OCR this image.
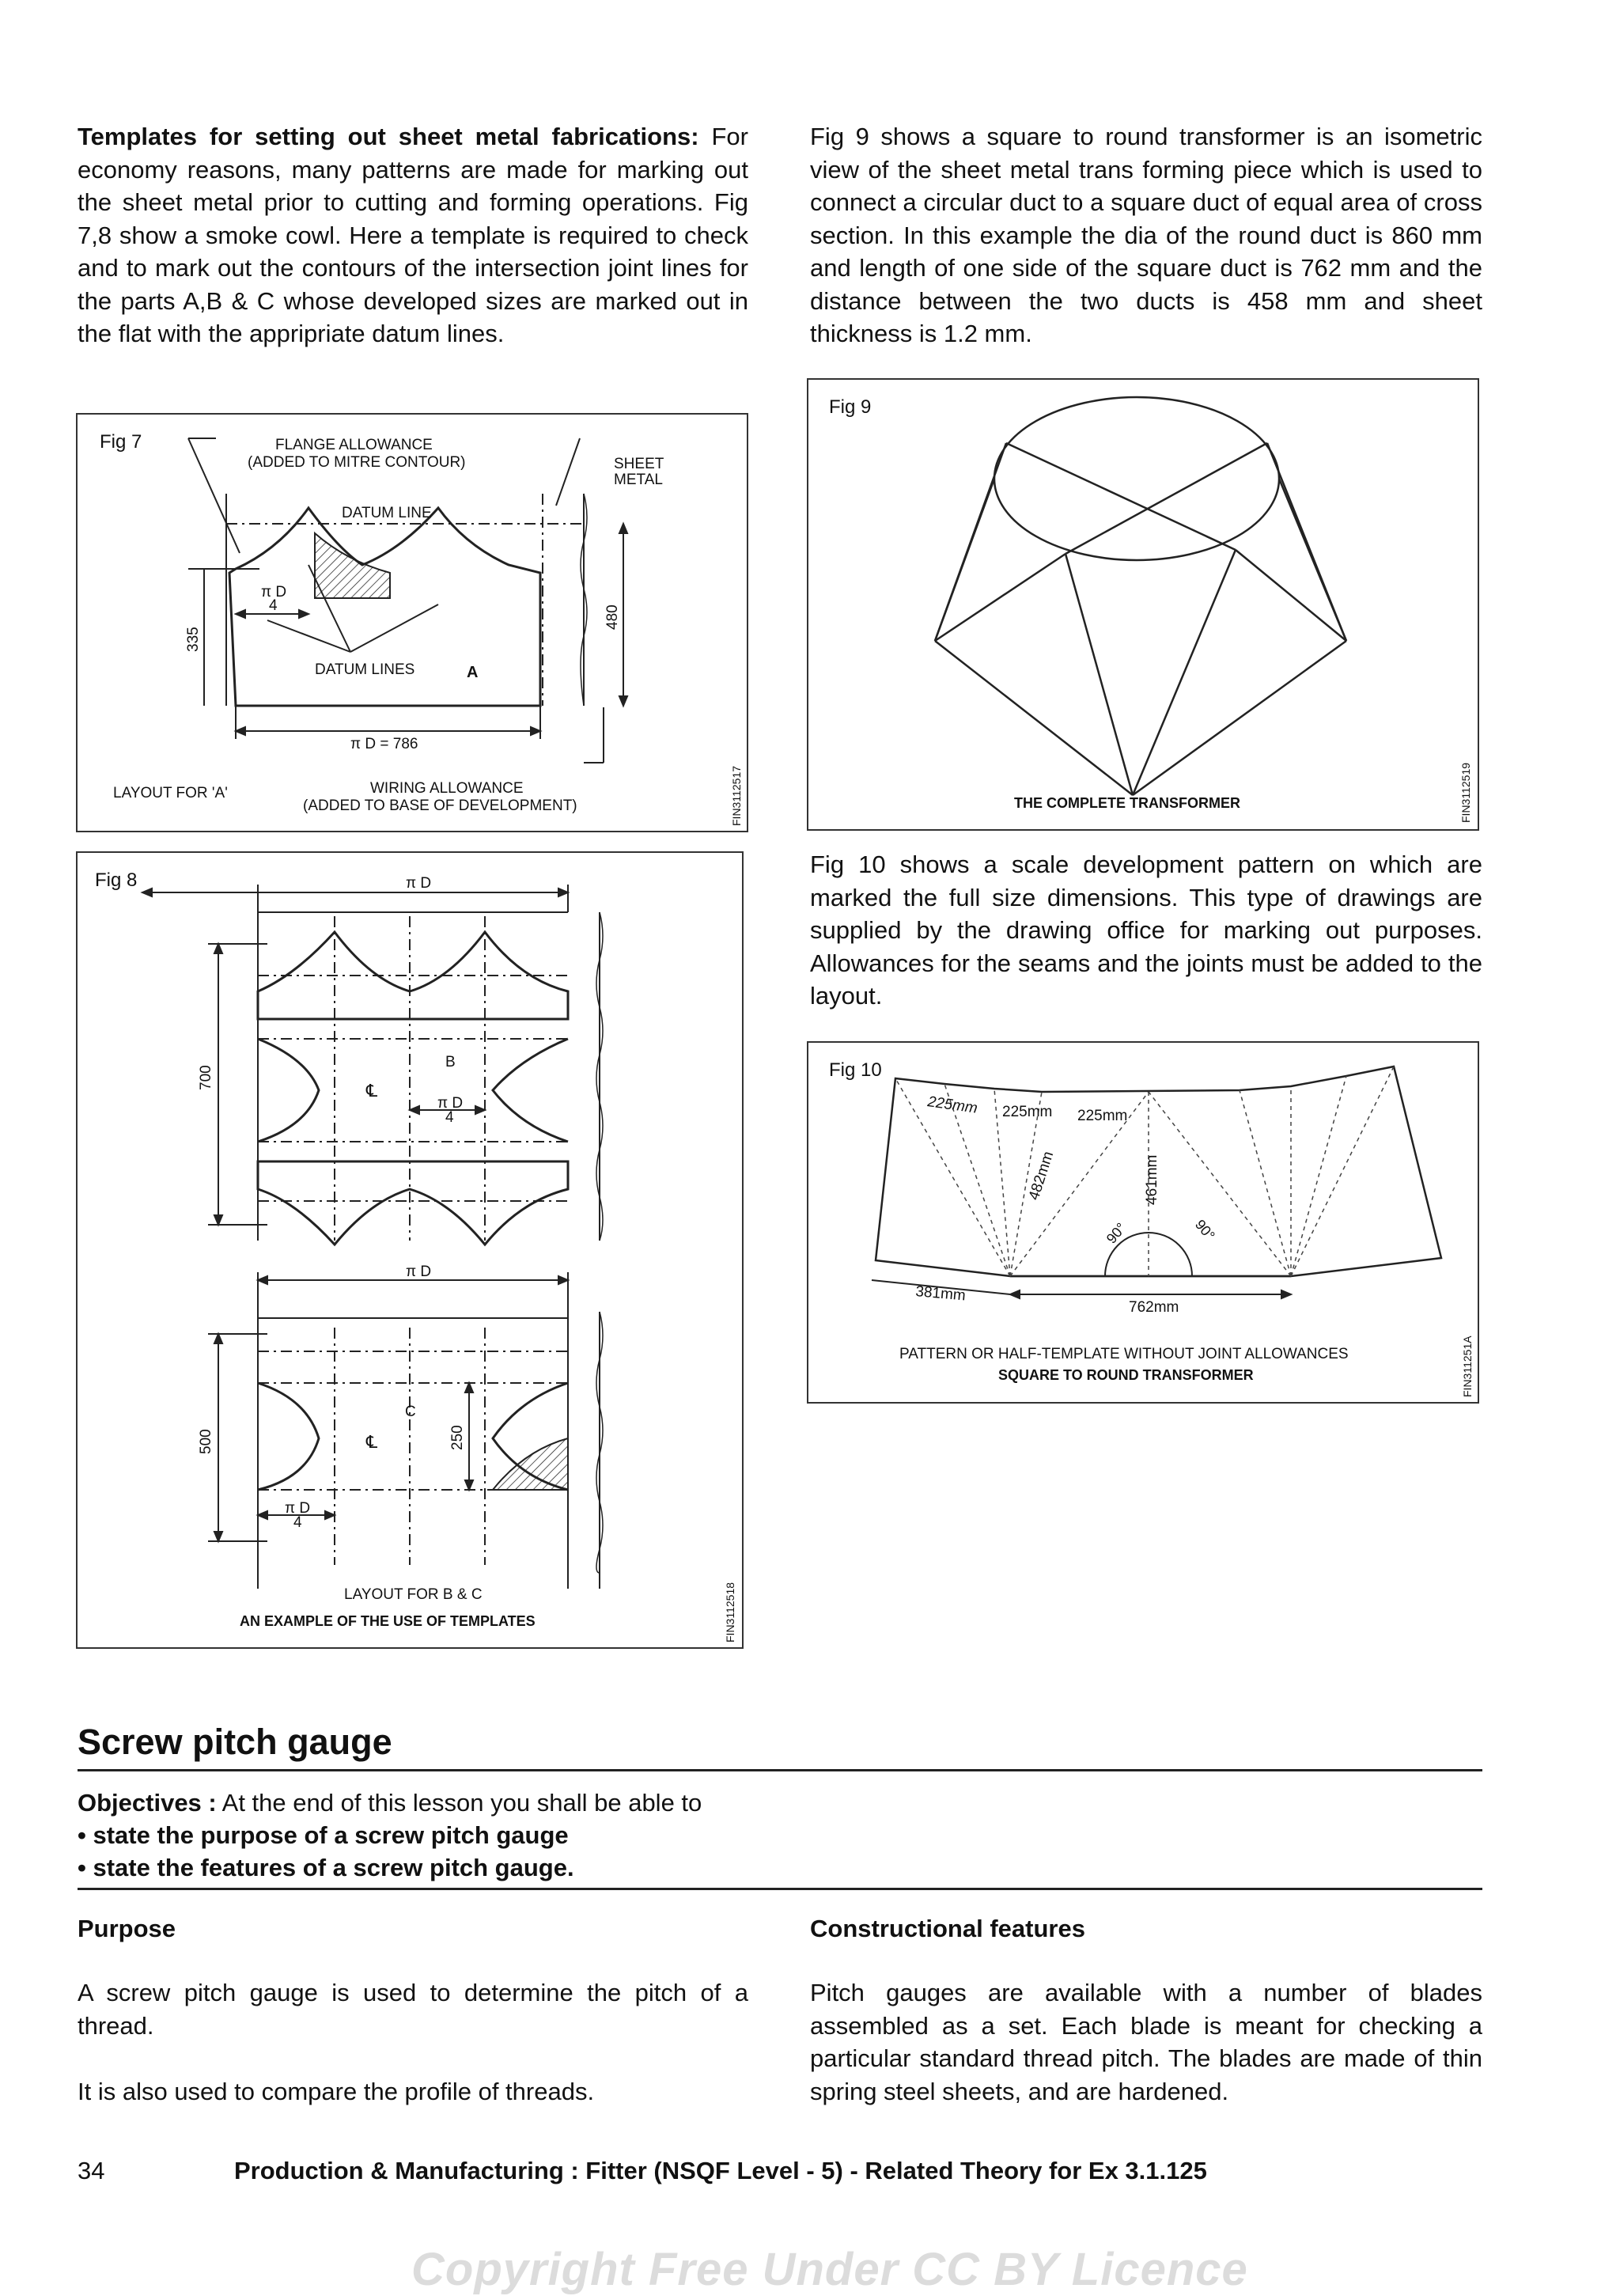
Templates for setting out sheet metal fabrications: For economy reasons, many patterns are made for marking out the sheet metal prior to cutting and forming operations. Fig 7,8 show a smoke cowl. Here a template is required to check and to mark out the contours of the intersection joint lines for the parts A,B & C whose developed sizes are marked out in the flat with the appripriate datum lines.

Fig 9 shows a square to round transformer is an isometric view of the sheet metal trans forming piece which is used to connect a circular duct to a square duct of equal area of cross section. In this example the dia of the round duct is 860 mm and length of one side of the square duct is 762 mm and the distance between the two ducts is 458 mm and sheet thickness is 1.2 mm.

Fig 7	FLANGE ALLOWANCE
(ADDED TO MITRE CONTOUR)	SHEET
METAL
DATUM LINE
π D
4
335
480
DATUM LINES	A
π D = 786
LAYOUT FOR 'A'	WIRING ALLOWANCE
(ADDED TO BASE OF DEVELOPMENT)	FIN3112517
Fig 8	π D
700
B
℄
π D
4
π D
500
C
℄	250
π D
4
LAYOUT FOR B & C
AN EXAMPLE OF THE USE OF TEMPLATES	FIN3112518
Fig 9
THE COMPLETE TRANSFORMER	FIN3112519

Fig 10 shows a scale development pattern on which are marked the full size dimensions. This type of drawings are supplied by the drawing office for marking out purposes. Allowances for the seams and the joints must be added to the layout.

Fig 10
225mm 225mm 225mm
482mm	461mm
90°	90°
381mm
762mm
PATTERN OR HALF-TEMPLATE WITHOUT JOINT ALLOWANCES
SQUARE TO ROUND TRANSFORMER	FIN311251A
Screw pitch gauge
Objectives : At the end of this lesson you shall be able to
• state the purpose of a screw pitch gauge
• state the features of a screw pitch gauge.

Purpose

A screw pitch gauge is used to determine the pitch of a thread.

It is also used to compare the profile of threads.

Constructional features

Pitch gauges are available with a number of blades assembled as a set. Each blade is meant for checking a particular standard thread pitch. The blades are made of thin spring steel sheets, and are hardened.

34	Production & Manufacturing : Fitter (NSQF Level - 5) - Related Theory for Ex 3.1.125
Copyright Free Under CC BY Licence
